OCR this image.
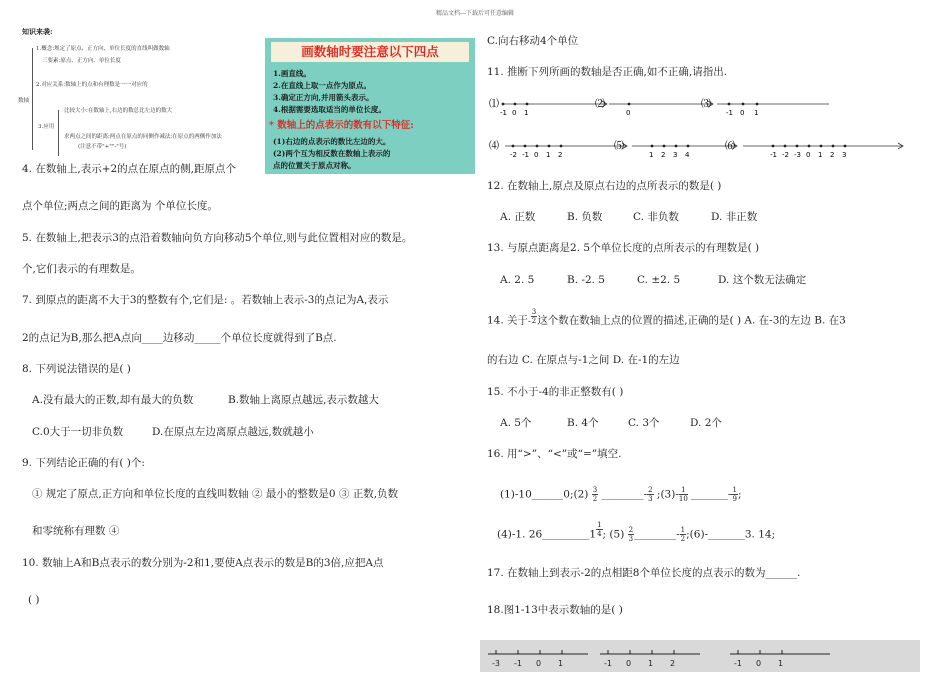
精品文档---下载后可任意编辑
知识来袭:
数轴
1.概念:规定了原点、正方向、单位长度的直线叫做数轴
三要素:原点、正方向、单位长度
2.对应关系:数轴上的点和有理数是一一对应的
比较大小:在数轴上,右边的数总比左边的数大
3.应用
求两点之间的距离:两点在原点的同侧作减法;在原点的两侧作加法
(注意不带"+""-"号)
画数轴时要注意以下四点
1.画直线。
2.在直线上取一点作为原点。
3.确定正方向,并用箭头表示。
4.根据需要选取适当的单位长度。
* 数轴上的点表示的数有以下特征:
(1)右边的点表示的数比左边的大。
(2)两个互为相反数在数轴上表示的
点的位置关于原点对称。
4. 在数轴上,表示+2的点在原点的侧,距原点个
点个单位;两点之间的距离为 个单位长度。
5. 在数轴上,把表示3的点沿着数轴向负方向移动5个单位,则与此位置相对应的数是。
个,它们表示的有理数是。
7. 到原点的距离不大于3的整数有个,它们是: 。若数轴上表示-3的点记为A,表示
2的点记为B,那么把A点向____边移动_____个单位长度就得到了B点.
8. 下列说法错误的是( )
A.没有最大的正数,却有最大的负数	B.数轴上离原点越远,表示数越大
C.0大于一切非负数	D.在原点左边离原点越远,数就越小
9. 下列结论正确的有( )个:
① 规定了原点,正方向和单位长度的直线叫数轴 ② 最小的整数是0 ③ 正数,负数
和零统称有理数 ④
10. 数轴上A和B点表示的数分别为-2和1,要使A点表示的数是B的3倍,应把A点
( )
C.向右移动4个单位
11. 推断下列所画的数轴是否正确,如不正确,请指出.
⑴
-1 0 1
⑵
0
⑶
-1 0 1
⑷
-2 -1 0 1 2
⑸
1 2 3 4
⑹
-1 -2 -3 0 1 2 3
12. 在数轴上,原点及原点右边的点所表示的数是( )
A. 正数	B. 负数	C. 非负数	D. 非正数
13. 与原点距离是2. 5个单位长度的点所表示的有理数是( )
A. 2. 5	B. -2. 5	C. ±2. 5	D. 这个数无法确定
14. 关于- $\frac{3}{2}$ 这个数在数轴上点的位置的描述,正确的是( ) A. 在-3的左边 B. 在3
的右边 C. 在原点与-1之间 D. 在-1的左边
15. 不小于-4的非正整数有( )
A. 5个	B. 4个	C. 3个	D. 2个
16. 用“>”、“<”或“=”填空.
(1)-10______0;(2) $\frac{3}{2}$ ________- $\frac{2}{3}$ ;(3)- $\frac{1}{10}$ _______- $\frac{1}{9}$ ;
(4)-1. 26_________1 $\frac{1}{4}$ ; $(5) \frac{2}{3}$ ________- $\frac{1}{2}$ ;(6)-_______3. 14;
17. 在数轴上到表示-2的点相距8个单位长度的点表示的数为______.
18.图1-13中表示数轴的是( )
-3 -1 0 1	-1 0 1 2	-1 0 1
